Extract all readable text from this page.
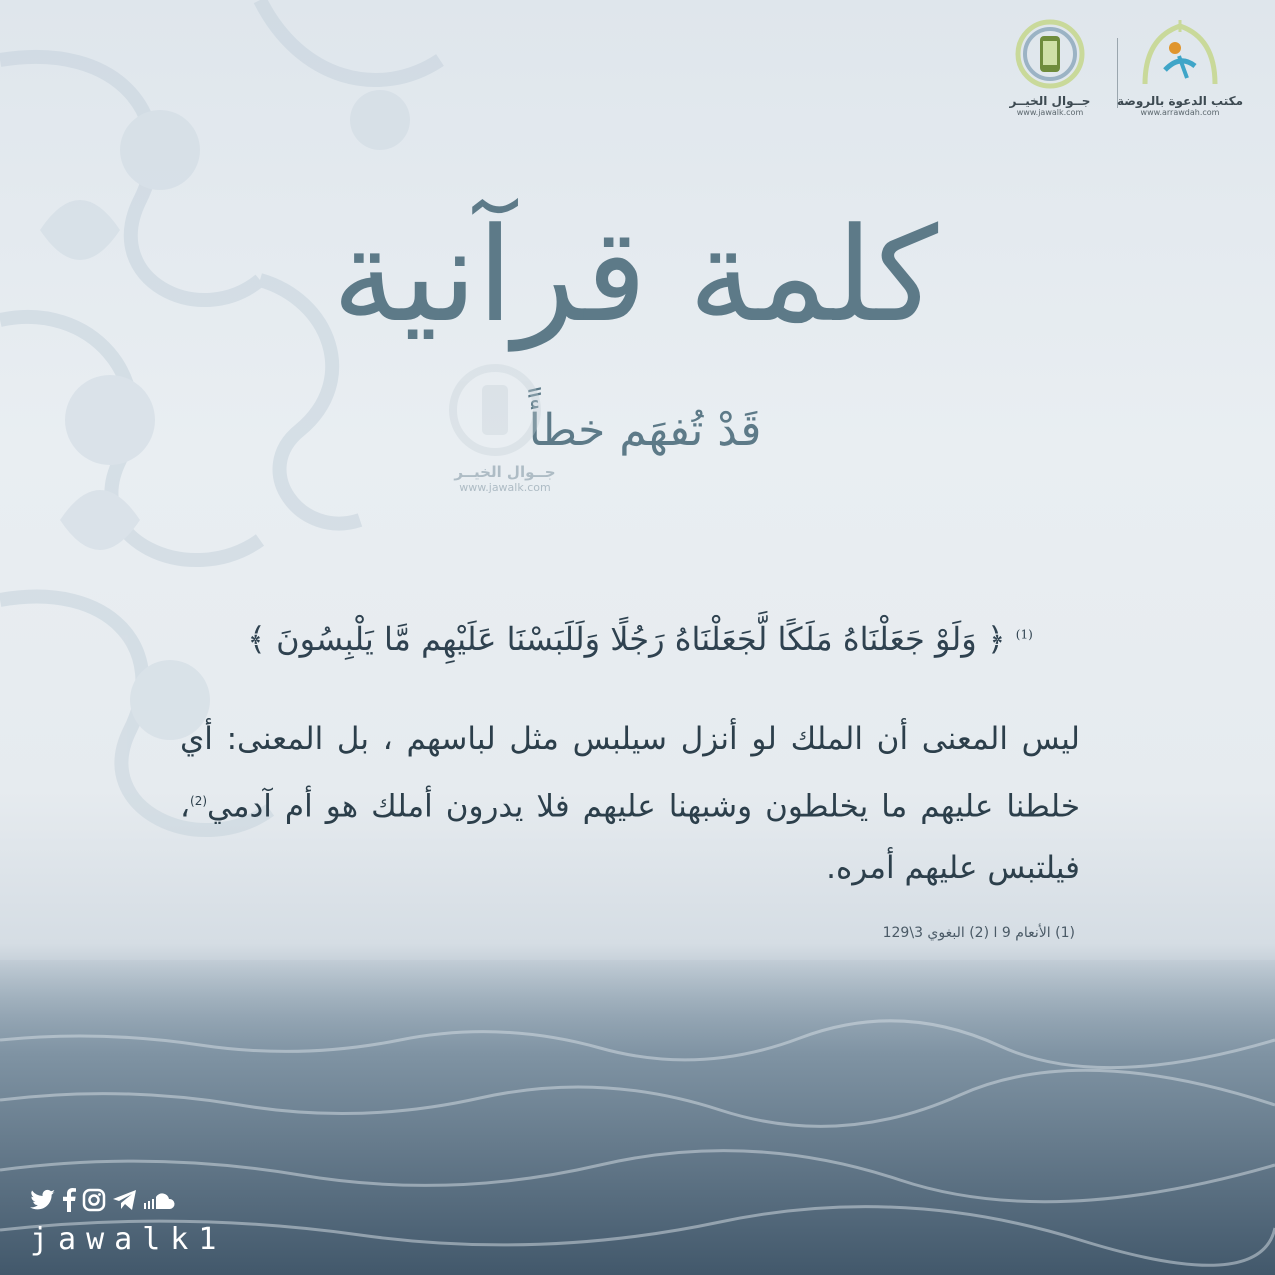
جــوال الخيــر
www.jawalk.com
مكتب الدعوة بالروضة
www.arrawdah.com
كلمة قرآنية
قَدْ تُفهَم خطأً
جــوال الخيــر
www.jawalk.com
$^{(1)}$ ﴿ وَلَوْ جَعَلْنَاهُ مَلَكًا لَّجَعَلْنَاهُ رَجُلًا وَلَلَبَسْنَا عَلَيْهِم مَّا يَلْبِسُونَ ﴾
ليس المعنى أن الملك لو أنزل سيلبس مثل لباسهم ، بل المعنى: أي خلطنا عليهم ما يخلطون وشبهنا عليهم فلا يدرون أملك هو أم آدمي$^{(2)}$، فيلتبس عليهم أمره.
(1) الأنعام 9 ا (2) البغوي 3\129
jawalk1
